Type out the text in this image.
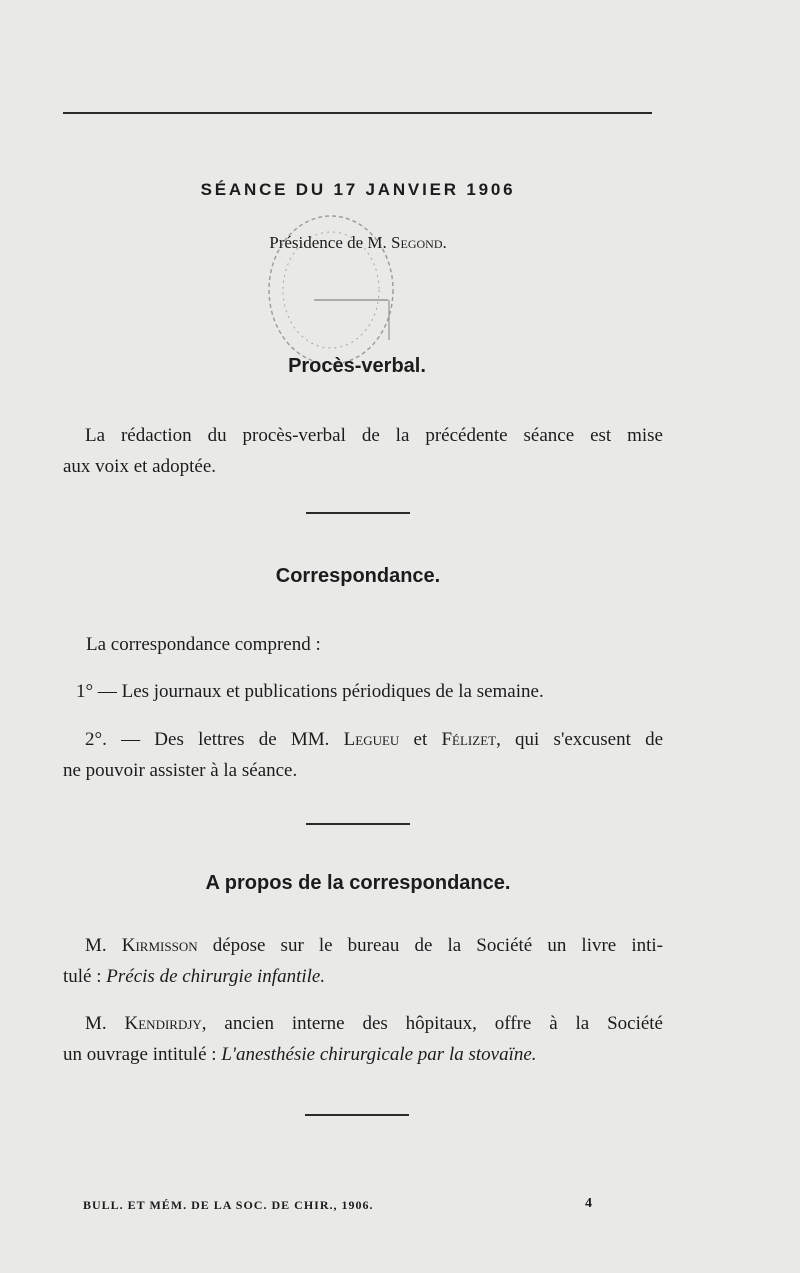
SÉANCE DU 17 JANVIER 1906
Présidence de M. Segond.
Procès-verbal.
La rédaction du procès-verbal de la précédente séance est mise
aux voix et adoptée.
Correspondance.
La correspondance comprend :
1° — Les journaux et publications périodiques de la semaine.
2°. — Des lettres de MM. Legueu et Félizet, qui s'excusent de
ne pouvoir assister à la séance.
A propos de la correspondance.
M. Kirmisson dépose sur le bureau de la Société un livre inti-
tulé : Précis de chirurgie infantile.
M. Kendirdjy, ancien interne des hôpitaux, offre à la Société
un ouvrage intitulé : L'anesthésie chirurgicale par la stovaïne.
BULL. ET MÉM. DE LA SOC. DE CHIR., 1906.	4
